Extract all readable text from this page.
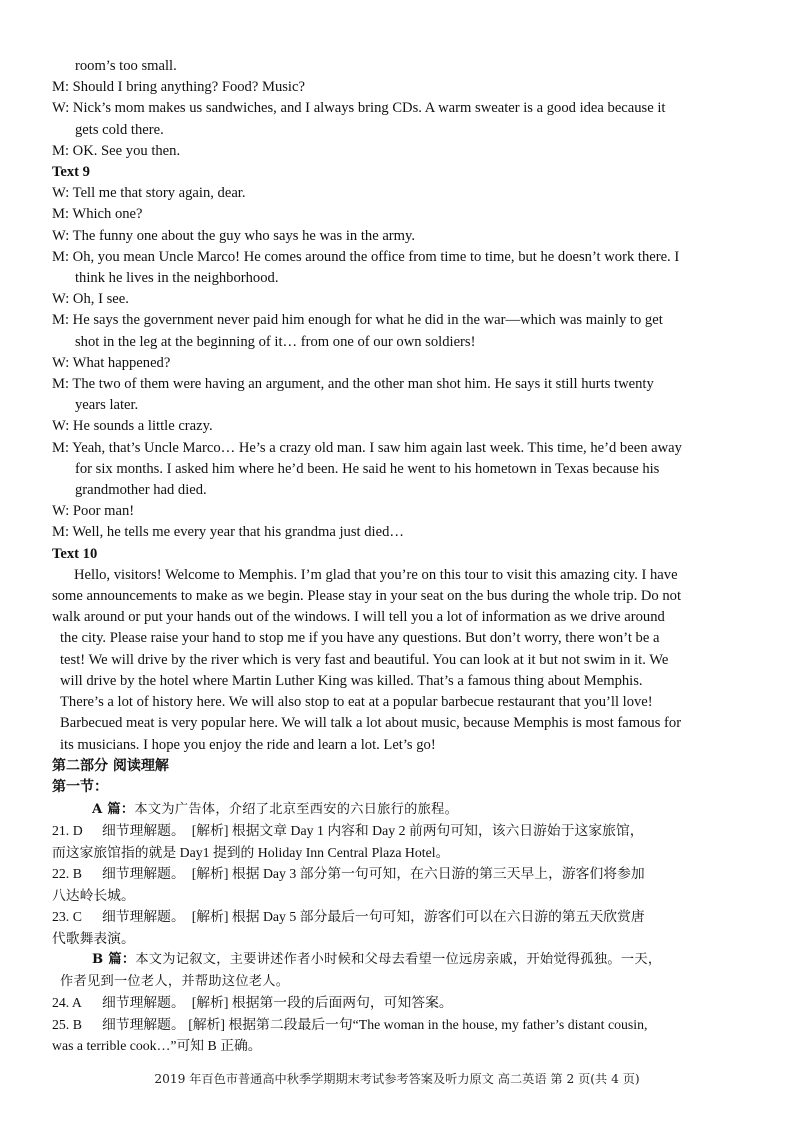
room’s too small.
M: Should I bring anything? Food? Music?
W: Nick’s mom makes us sandwiches, and I always bring CDs. A warm sweater is a good idea because it
gets cold there.
M: OK. See you then.
Text 9
W: Tell me that story again, dear.
M: Which one?
W: The funny one about the guy who says he was in the army.
M: Oh, you mean Uncle Marco! He comes around the office from time to time, but he doesn’t work there. I
think he lives in the neighborhood.
W: Oh, I see.
M: He says the government never paid him enough for what he did in the war—which was mainly to get
shot in the leg at the beginning of it… from one of our own soldiers!
W: What happened?
M: The two of them were having an argument, and the other man shot him. He says it still hurts twenty
years later.
W: He sounds a little crazy.
M: Yeah, that’s Uncle Marco… He’s a crazy old man. I saw him again last week. This time, he’d been away
for six months. I asked him where he’d been. He said he went to his hometown in Texas because his
grandmother had died.
W: Poor man!
M: Well, he tells me every year that his grandma just died…
Text 10
Hello, visitors! Welcome to Memphis. I’m glad that you’re on this tour to visit this amazing city. I have
some announcements to make as we begin. Please stay in your seat on the bus during the whole trip. Do not
walk around or put your hands out of the windows. I will tell you a lot of information as we drive around
the city. Please raise your hand to stop me if you have any questions. But don’t worry, there won’t be a
test! We will drive by the river which is very fast and beautiful. You can look at it but not swim in it. We
will drive by the hotel where Martin Luther King was killed. That’s a famous thing about Memphis.
There’s a lot of history here. We will also stop to eat at a popular barbecue restaurant that you’ll love!
Barbecued meat is very popular here. We will talk a lot about music, because Memphis is most famous for
its musicians. I hope you enjoy the ride and learn a lot. Let’s go!
第二部分 阅读理解
第一节：
A 篇：本文为广告体，介绍了北京至西安的六日旅行的旅程。
21. D 细节理解题。 [解析] 根据文章 Day 1 内容和 Day 2 前两句可知，该六日游始于这家旅馆，
而这家旅馆指的就是 Day1 提到的 Holiday Inn Central Plaza Hotel。
22. B 细节理解题。 [解析] 根据 Day 3 部分第一句可知，在六日游的第三天早上，游客们将参加
八达岭长城。
23. C 细节理解题。 [解析] 根据 Day 5 部分最后一句可知，游客们可以在六日游的第五天欣赏唐
代歌舞表演。
B 篇：本文为记叙文，主要讲述作者小时候和父母去看望一位远房亲戚，开始觉得孤独。一天，
作者见到一位老人，并帮助这位老人。
24. A 细节理解题。 [解析] 根据第一段的后面两句，可知答案。
25. B 细节理解题。 [解析] 根据第二段最后一句“The woman in the house, my father’s distant cousin,
was a terrible cook…”可知 B 正确。
2019 年百色市普通高中秋季学期期末考试参考答案及听力原文 高二英语 第 2 页(共 4 页)
